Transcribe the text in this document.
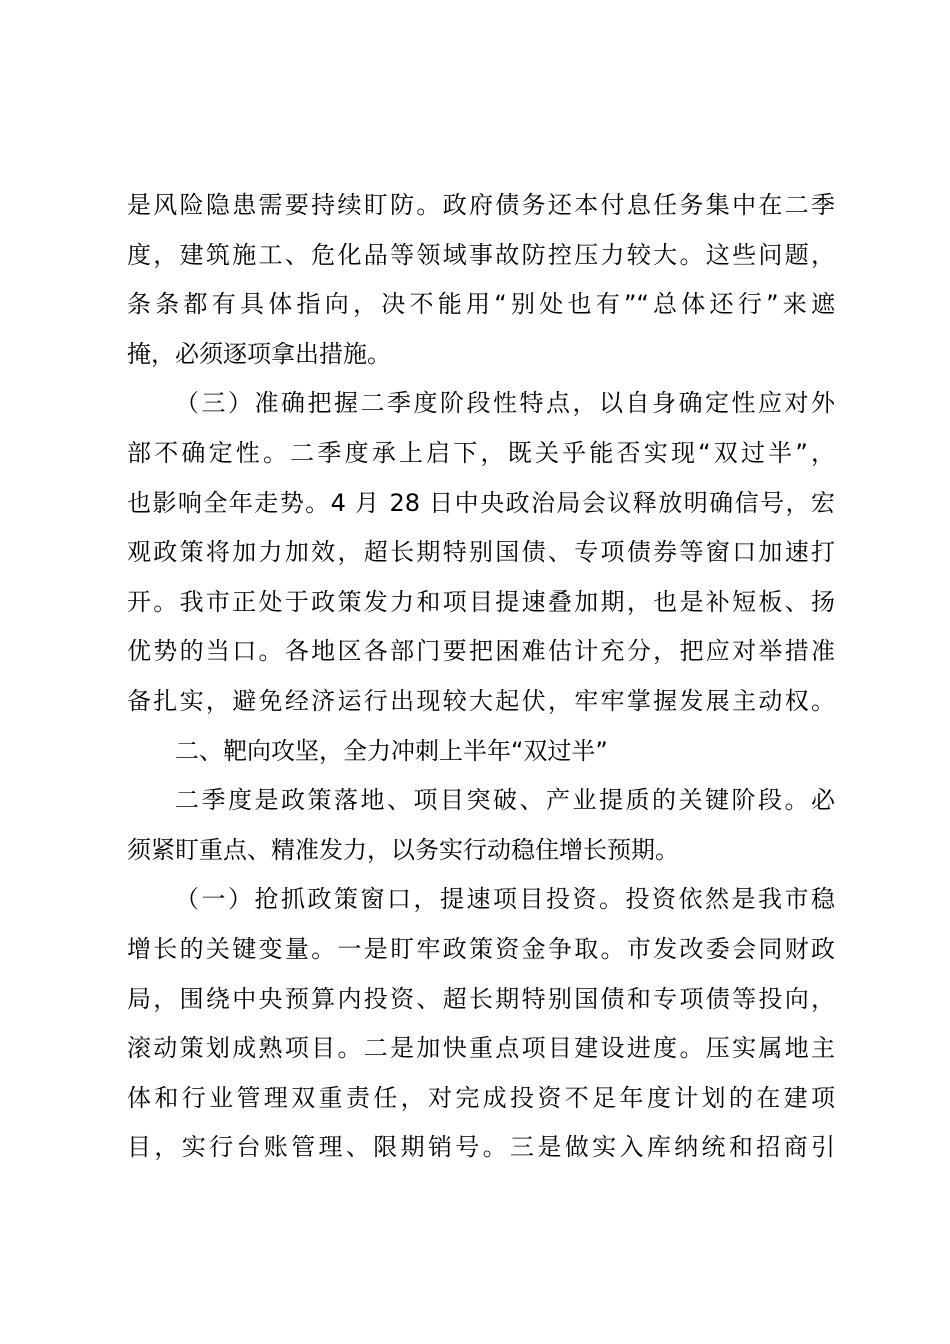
是风险隐患需要持续盯防。政府债务还本付息任务集中在二季
度，建筑施工、危化品等领域事故防控压力较大。这些问题，
条条都有具体指向，决不能用“别处也有”“总体还行”来遮
掩，必须逐项拿出措施。
（三）准确把握二季度阶段性特点，以自身确定性应对外
部不确定性。二季度承上启下，既关乎能否实现“双过半”，
也影响全年走势。4 月 28 日中央政治局会议释放明确信号，宏
观政策将加力加效，超长期特别国债、专项债券等窗口加速打
开。我市正处于政策发力和项目提速叠加期，也是补短板、扬
优势的当口。各地区各部门要把困难估计充分，把应对举措准
备扎实，避免经济运行出现较大起伏，牢牢掌握发展主动权。
二、靶向攻坚，全力冲刺上半年“双过半”
二季度是政策落地、项目突破、产业提质的关键阶段。必
须紧盯重点、精准发力，以务实行动稳住增长预期。
（一）抢抓政策窗口，提速项目投资。投资依然是我市稳
增长的关键变量。一是盯牢政策资金争取。市发改委会同财政
局，围绕中央预算内投资、超长期特别国债和专项债等投向，
滚动策划成熟项目。二是加快重点项目建设进度。压实属地主
体和行业管理双重责任，对完成投资不足年度计划的在建项
目，实行台账管理、限期销号。三是做实入库纳统和招商引
